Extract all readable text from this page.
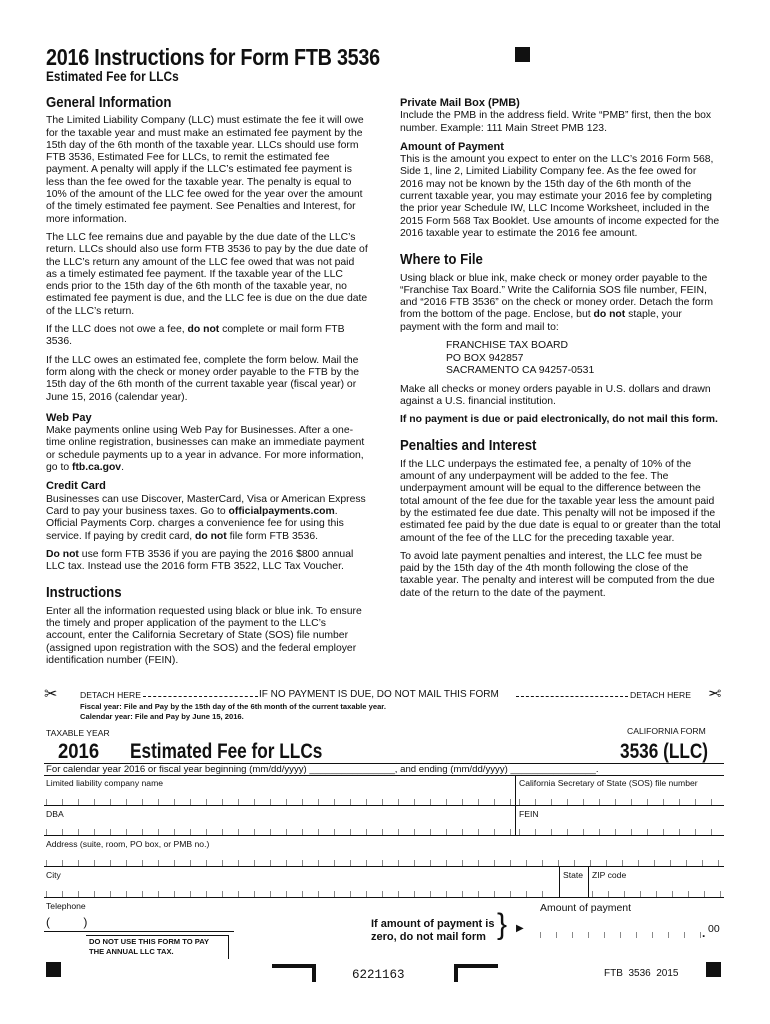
2016 Instructions for Form FTB 3536
Estimated Fee for LLCs
General Information

The Limited Liability Company (LLC) must estimate the fee it will owe for the taxable year and must make an estimated fee payment by the 15th day of the 6th month of the taxable year. LLCs should use form FTB 3536, Estimated Fee for LLCs, to remit the estimated fee payment. A penalty will apply if the LLC’s estimated fee payment is less than the fee owed for the taxable year. The penalty is equal to 10% of the amount of the LLC fee owed for the year over the amount of the timely estimated fee payment. See Penalties and Interest, for more information.

The LLC fee remains due and payable by the due date of the LLC’s return. LLCs should also use form FTB 3536 to pay by the due date of the LLC’s return any amount of the LLC fee owed that was not paid as a timely estimated fee payment. If the taxable year of the LLC ends prior to the 15th day of the 6th month of the taxable year, no estimated fee payment is due, and the LLC fee is due on the due date of the LLC’s return.

If the LLC does not owe a fee, do not complete or mail form FTB 3536.

If the LLC owes an estimated fee, complete the form below. Mail the form along with the check or money order payable to the FTB by the 15th day of the 6th month of the current taxable year (fiscal year) or June 15, 2016 (calendar year).

Web Pay

Make payments online using Web Pay for Businesses. After a one-time online registration, businesses can make an immediate payment or schedule payments up to a year in advance. For more information, go to ftb.ca.gov.

Credit Card

Businesses can use Discover, MasterCard, Visa or American Express Card to pay your business taxes. Go to officialpayments.com. Official Payments Corp. charges a convenience fee for using this service. If paying by credit card, do not file form FTB 3536.

Do not use form FTB 3536 if you are paying the 2016 $800 annual LLC tax. Instead use the 2016 form FTB 3522, LLC Tax Voucher.

Instructions

Enter all the information requested using black or blue ink. To ensure the timely and proper application of the payment to the LLC’s account, enter the California Secretary of State (SOS) file number (assigned upon registration with the SOS) and the federal employer identification number (FEIN).

Private Mail Box (PMB)

Include the PMB in the address field. Write “PMB” first, then the box number. Example: 111 Main Street PMB 123.

Amount of Payment

This is the amount you expect to enter on the LLC’s 2016 Form 568, Side 1, line 2, Limited Liability Company fee. As the fee owed for 2016 may not be known by the 15th day of the 6th month of the current taxable year, you may estimate your 2016 fee by completing the prior year Schedule IW, LLC Income Worksheet, included in the 2015 Form 568 Tax Booklet. Use amounts of income expected for the 2016 taxable year to estimate the 2016 fee amount.

Where to File

Using black or blue ink, make check or money order payable to the “Franchise Tax Board.” Write the California SOS file number, FEIN, and “2016 FTB 3536” on the check or money order. Detach the form from the bottom of the page. Enclose, but do not staple, your payment with the form and mail to:

FRANCHISE TAX BOARD
PO BOX 942857
SACRAMENTO CA 94257-0531

Make all checks or money orders payable in U.S. dollars and drawn against a U.S. financial institution.

If no payment is due or paid electronically, do not mail this form.

Penalties and Interest

If the LLC underpays the estimated fee, a penalty of 10% of the amount of any underpayment will be added to the fee. The underpayment amount will be equal to the difference between the total amount of the fee due for the taxable year less the amount paid by the estimated fee due date. This penalty will not be imposed if the estimated fee paid by the due date is equal to or greater than the total amount of the fee of the LLC for the preceding taxable year.

To avoid late payment penalties and interest, the LLC fee must be paid by the 15th day of the 4th month following the close of the taxable year. The penalty and interest will be computed from the due date of the return to the date of the payment.

✂	DETACH HERE	IF NO PAYMENT IS DUE, DO NOT MAIL THIS FORM	DETACH HERE ✂
Fiscal year: File and Pay by the 15th day of the 6th month of the current taxable year.
Calendar year: File and Pay by June 15, 2016.
TAXABLE YEAR	CALIFORNIA FORM
2016 Estimated Fee for LLCs	3536 (LLC)
For calendar year 2016 or fiscal year beginning (mm/dd/yyyy) ________________, and ending (mm/dd/yyyy) ________________.
Limited liability company name	California Secretary of State (SOS) file number
DBA	FEIN
Address (suite, room, PO box, or PMB no.)
City	State ZIP code
Telephone
(          )
Amount of payment
If amount of payment is
zero, do not mail form } ▶	. 00
DO NOT USE THIS FORM TO PAY
THE ANNUAL LLC TAX.
6221163	FTB  3536  2015
